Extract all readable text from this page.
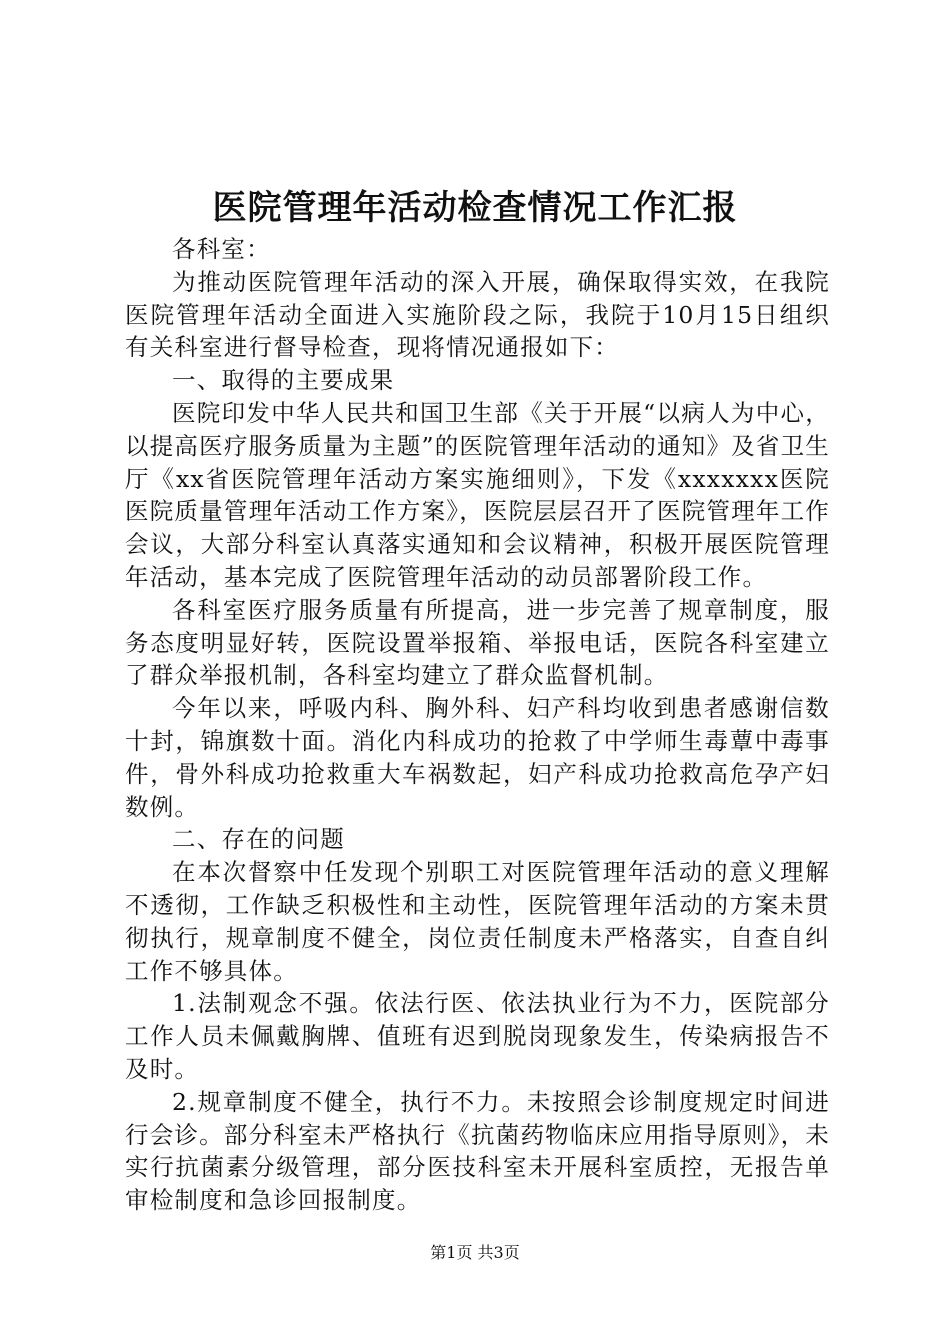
医院管理年活动检查情况工作汇报

各科室：

为推动医院管理年活动的深入开展，确保取得实效，在我院医院管理年活动全面进入实施阶段之际，我院于10月15日组织有关科室进行督导检查，现将情况通报如下：

一、取得的主要成果

医院印发中华人民共和国卫生部《关于开展“以病人为中心，以提高医疗服务质量为主题”的医院管理年活动的通知》及省卫生厅《xx省医院管理年活动方案实施细则》，下发《xxxxxxx医院医院质量管理年活动工作方案》，医院层层召开了医院管理年工作会议，大部分科室认真落实通知和会议精神，积极开展医院管理年活动，基本完成了医院管理年活动的动员部署阶段工作。

各科室医疗服务质量有所提高，进一步完善了规章制度，服务态度明显好转，医院设置举报箱、举报电话，医院各科室建立了群众举报机制，各科室均建立了群众监督机制。

今年以来，呼吸内科、胸外科、妇产科均收到患者感谢信数十封，锦旗数十面。消化内科成功的抢救了中学师生毒蕈中毒事件，骨外科成功抢救重大车祸数起，妇产科成功抢救高危孕产妇数例。

二、存在的问题

在本次督察中任发现个别职工对医院管理年活动的意义理解不透彻，工作缺乏积极性和主动性，医院管理年活动的方案未贯彻执行，规章制度不健全，岗位责任制度未严格落实，自查自纠工作不够具体。

1.法制观念不强。依法行医、依法执业行为不力，医院部分工作人员未佩戴胸牌、值班有迟到脱岗现象发生，传染病报告不及时。

2.规章制度不健全，执行不力。未按照会诊制度规定时间进行会诊。部分科室未严格执行《抗菌药物临床应用指导原则》，未实行抗菌素分级管理，部分医技科室未开展科室质控，无报告单审检制度和急诊回报制度。

第1页 共3页
